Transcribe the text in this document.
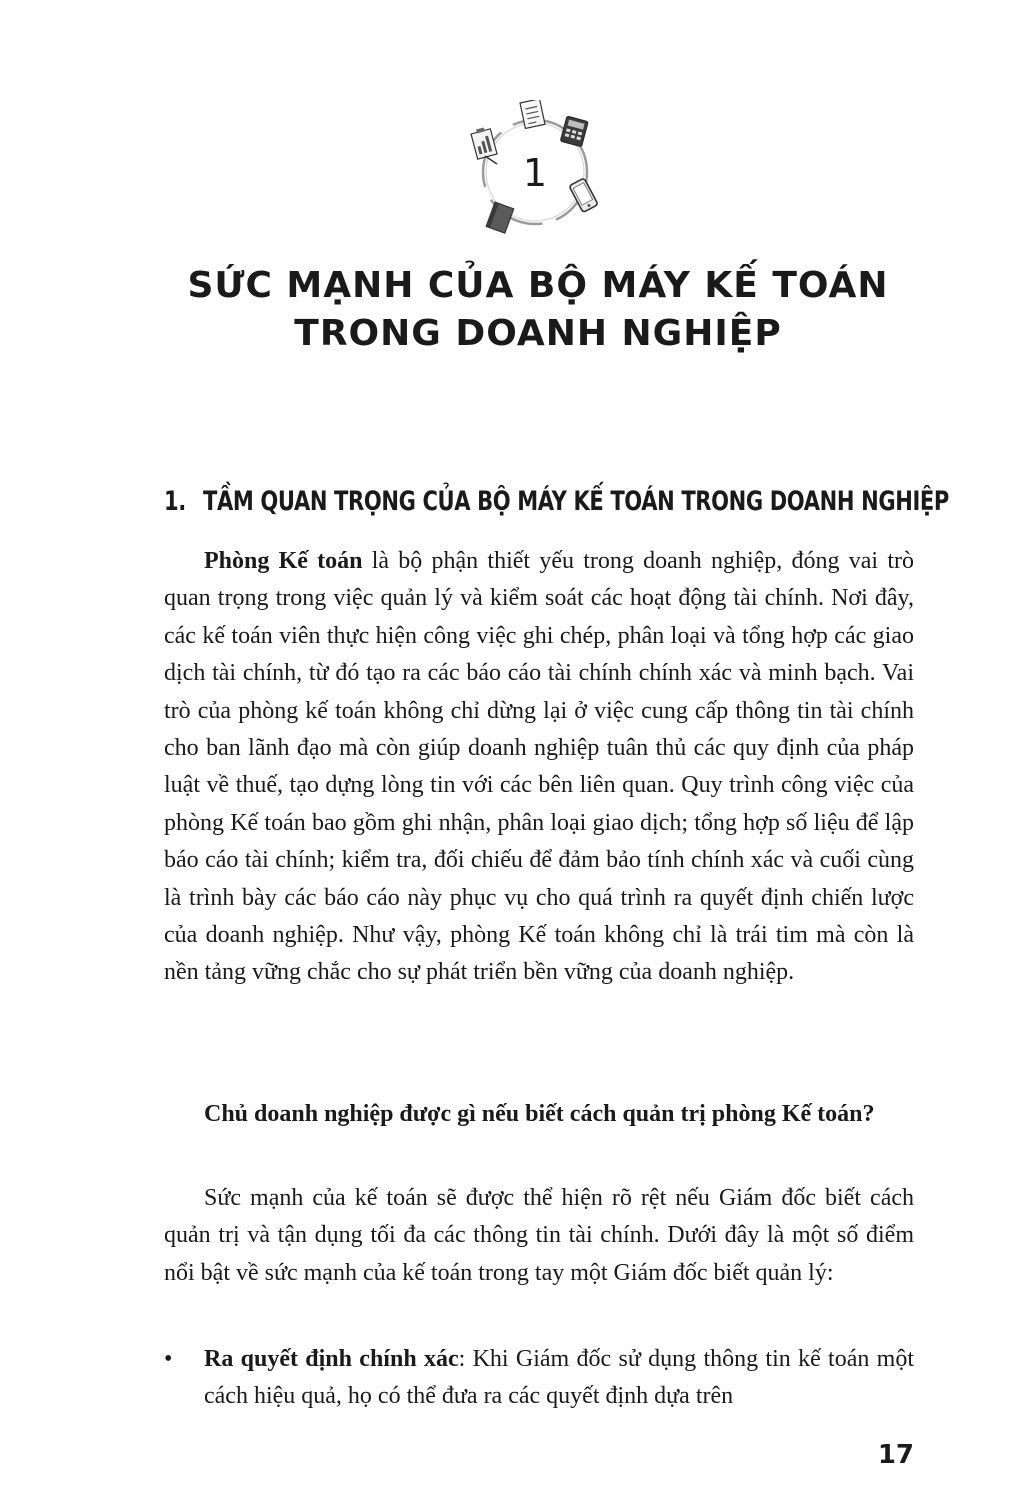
1
SỨC MẠNH CỦA BỘ MÁY KẾ TOÁN
TRONG DOANH NGHIỆP
1. TẦM QUAN TRỌNG CỦA BỘ MÁY KẾ TOÁN TRONG DOANH NGHIỆP

Phòng Kế toán là bộ phận thiết yếu trong doanh nghiệp, đóng vai trò quan trọng trong việc quản lý và kiểm soát các hoạt động tài chính. Nơi đây, các kế toán viên thực hiện công việc ghi chép, phân loại và tổng hợp các giao dịch tài chính, từ đó tạo ra các báo cáo tài chính chính xác và minh bạch. Vai trò của phòng kế toán không chỉ dừng lại ở việc cung cấp thông tin tài chính cho ban lãnh đạo mà còn giúp doanh nghiệp tuân thủ các quy định của pháp luật về thuế, tạo dựng lòng tin với các bên liên quan. Quy trình công việc của phòng Kế toán bao gồm ghi nhận, phân loại giao dịch; tổng hợp số liệu để lập báo cáo tài chính; kiểm tra, đối chiếu để đảm bảo tính chính xác và cuối cùng là trình bày các báo cáo này phục vụ cho quá trình ra quyết định chiến lược của doanh nghiệp. Như vậy, phòng Kế toán không chỉ là trái tim mà còn là nền tảng vững chắc cho sự phát triển bền vững của doanh nghiệp.

Chủ doanh nghiệp được gì nếu biết cách quản trị phòng Kế toán?

Sức mạnh của kế toán sẽ được thể hiện rõ rệt nếu Giám đốc biết cách quản trị và tận dụng tối đa các thông tin tài chính. Dưới đây là một số điểm nổi bật về sức mạnh của kế toán trong tay một Giám đốc biết quản lý:

•	Ra quyết định chính xác: Khi Giám đốc sử dụng thông tin kế toán một cách hiệu quả, họ có thể đưa ra các quyết định dựa trên
17
